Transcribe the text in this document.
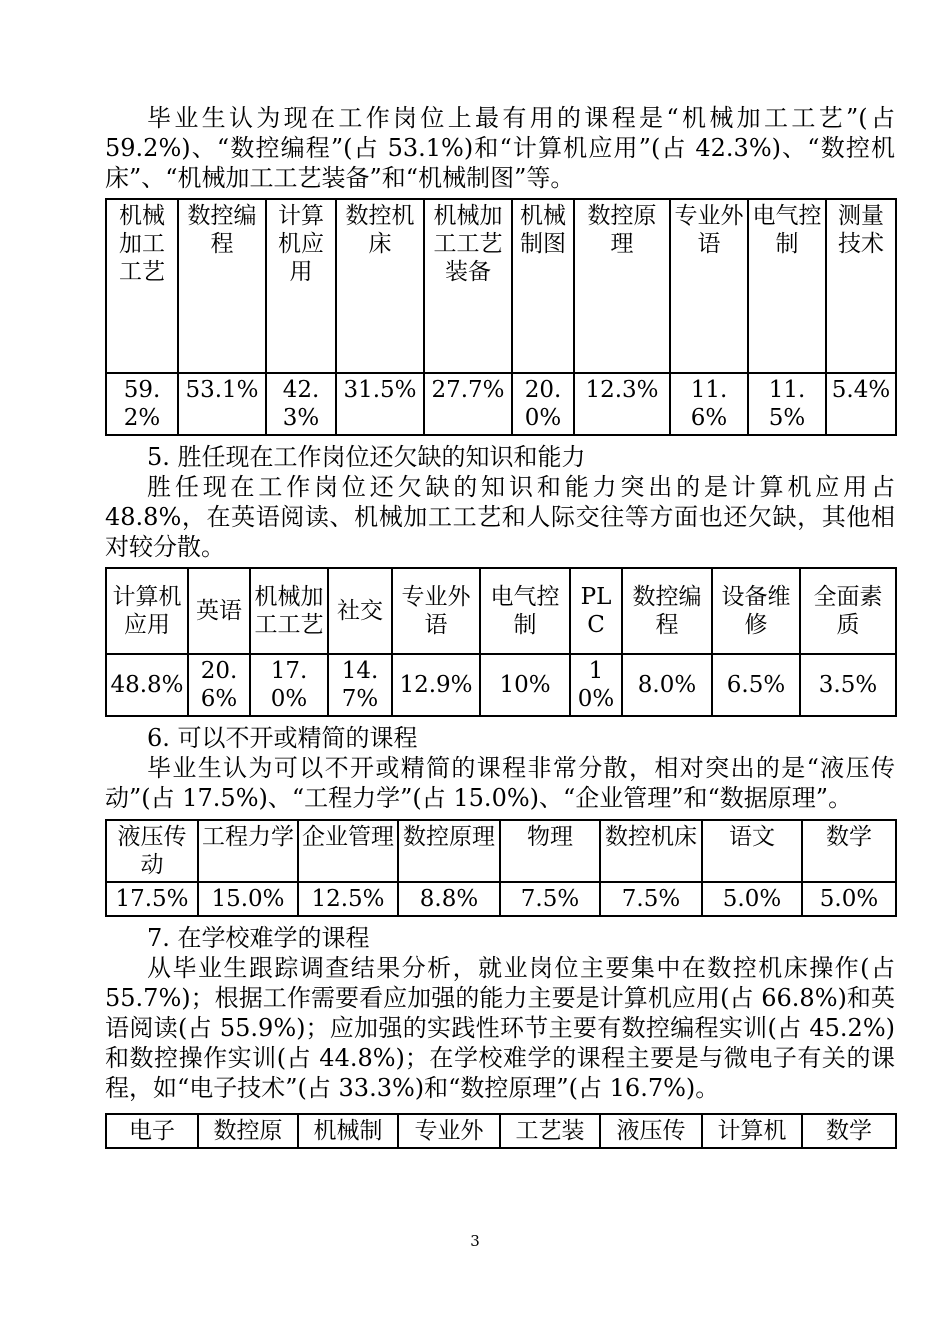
毕业生认为现在工作岗位上最有用的课程是“机械加工工艺”(占 59.2%)、“数控编程”(占 53.1%)和“计算机应用”(占 42.3%)、“数控机床”、“机械加工工艺装备”和“机械制图”等。

机械加工工艺	数控编程	计算机应用	数控机床	机械加工工艺装备	机械制图	数控原理	专业外语	电气控制	测量技术
59.2%	53.1%	42.3%	31.5%	27.7%	20.0%	12.3%	11.6%	11.5%	5.4%

5. 胜任现在工作岗位还欠缺的知识和能力

胜任现在工作岗位还欠缺的知识和能力突出的是计算机应用占 48.8%，在英语阅读、机械加工工艺和人际交往等方面也还欠缺，其他相对较分散。

计算机应用	英语	机械加工工艺	社交	专业外语	电气控制	PLC	数控编程	设备维修	全面素质
48.8%	20.6%	17.0%	14.7%	12.9%	10%	10%	8.0%	6.5%	3.5%

6. 可以不开或精简的课程

毕业生认为可以不开或精简的课程非常分散，相对突出的是“液压传动”(占 17.5%)、“工程力学”(占 15.0%)、“企业管理”和“数据原理”。

液压传动	工程力学	企业管理	数控原理	物理	数控机床	语文	数学
17.5%	15.0%	12.5%	8.8%	7.5%	7.5%	5.0%	5.0%

7. 在学校难学的课程

从毕业生跟踪调查结果分析，就业岗位主要集中在数控机床操作(占 55.7%)；根据工作需要看应加强的能力主要是计算机应用(占 66.8%)和英语阅读(占 55.9%)；应加强的实践性环节主要有数控编程实训(占 45.2%)和数控操作实训(占 44.8%)；在学校难学的课程主要是与微电子有关的课程，如“电子技术”(占 33.3%)和“数控原理”(占 16.7%)。

电子	数控原	机械制	专业外	工艺装	液压传	计算机	数学
3
